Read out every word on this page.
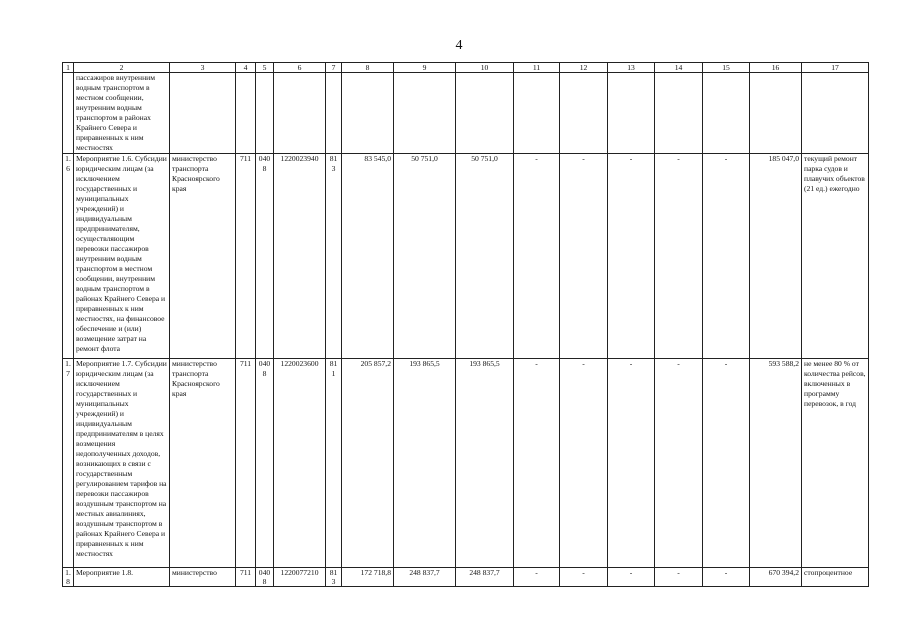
4
1	2	3	4	5	6	7	8	9	10	11	12	13	14	15	16	17
	пассажиров внутренним водным транспортом в местном сообщении, внутренним водным транспортом в районах Крайнего Севера и приравненных к ним местностях															
1.6	Мероприятие 1.6. Субсидии юридическим лицам (за исключением государственных и муниципальных учреждений) и индивидуальным предпринимателям, осуществляющим перевозки пассажиров внутренним водным транспортом в местном сообщении, внутренним водным транспортом в районах Крайнего Севера и приравненных к ним местностях, на финансовое обеспечение и (или) возмещение затрат на ремонт флота	министерство транспорта Красноярского края	711	0408	1220023940	813	83 545,0	50 751,0	50 751,0	-	-	-	-	-	185 047,0	текущий ремонт парка судов и плавучих объектов (21 ед.) ежегодно
1.7	Мероприятие 1.7. Субсидии юридическим лицам (за исключением государственных и муниципальных учреждений) и индивидуальным предпринимателям в целях возмещения недополученных доходов, возникающих в связи с государственным регулированием тарифов на перевозки пассажиров воздушным транспортом на местных авиалиниях, воздушным транспортом в районах Крайнего Севера и приравненных к ним местностях	министерство транспорта Красноярского края	711	0408	1220023600	811	205 857,2	193 865,5	193 865,5	-	-	-	-	-	593 588,2	не менее 80 % от количества рейсов, включенных в программу перевозок, в год
1.8	Мероприятие 1.8.	министерство	711	0408	1220077210	813	172 718,8	248 837,7	248 837,7	-	-	-	-	-	670 394,2	стопроцентное
